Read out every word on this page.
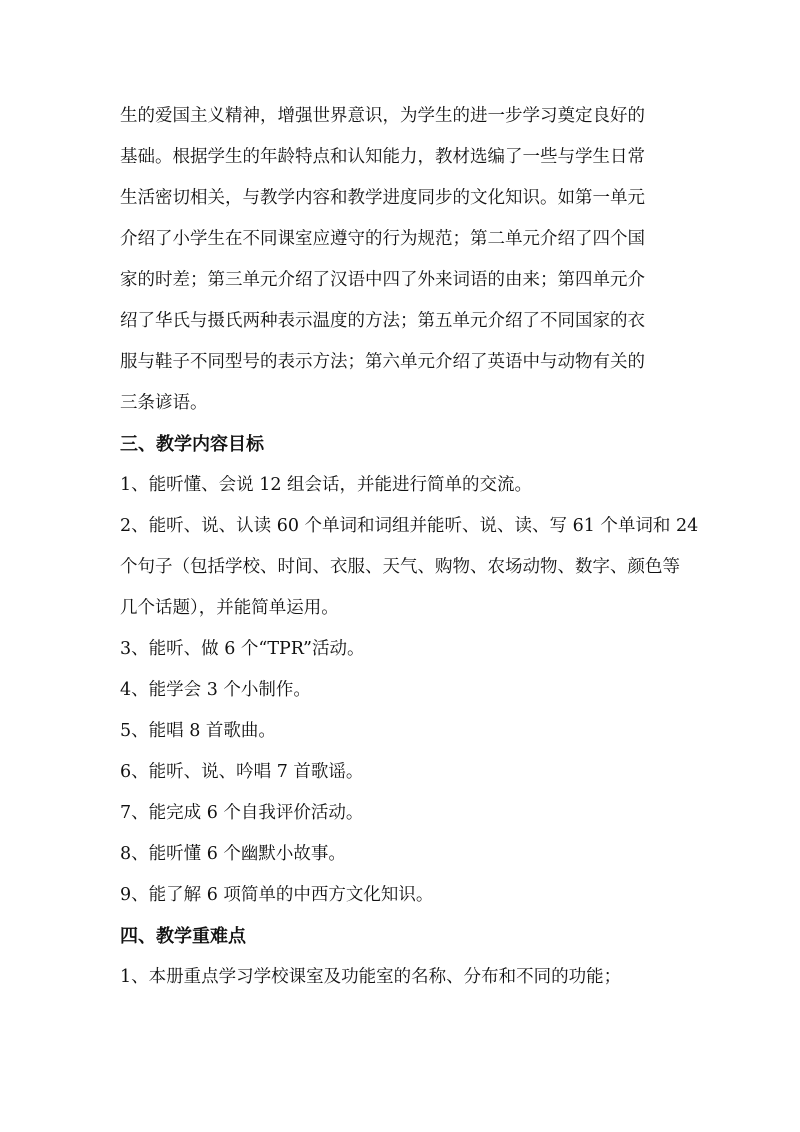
生的爱国主义精神，增强世界意识，为学生的进一步学习奠定良好的

基础。根据学生的年龄特点和认知能力，教材选编了一些与学生日常

生活密切相关，与教学内容和教学进度同步的文化知识。如第一单元

介绍了小学生在不同课室应遵守的行为规范；第二单元介绍了四个国

家的时差；第三单元介绍了汉语中四了外来词语的由来；第四单元介

绍了华氏与摄氏两种表示温度的方法；第五单元介绍了不同国家的衣

服与鞋子不同型号的表示方法；第六单元介绍了英语中与动物有关的

三条谚语。

三、教学内容目标

1、能听懂、会说 12 组会话，并能进行简单的交流。

2、能听、说、认读 60 个单词和词组并能听、说、读、写 61 个单词和 24

个句子（包括学校、时间、衣服、天气、购物、农场动物、数字、颜色等

几个话题），并能简单运用。

3、能听、做 6 个“TPR”活动。

4、能学会 3 个小制作。

5、能唱 8 首歌曲。

6、能听、说、吟唱 7 首歌谣。

7、能完成 6 个自我评价活动。

8、能听懂 6 个幽默小故事。

9、能了解 6 项简单的中西方文化知识。

四、教学重难点

1、本册重点学习学校课室及功能室的名称、分布和不同的功能；
